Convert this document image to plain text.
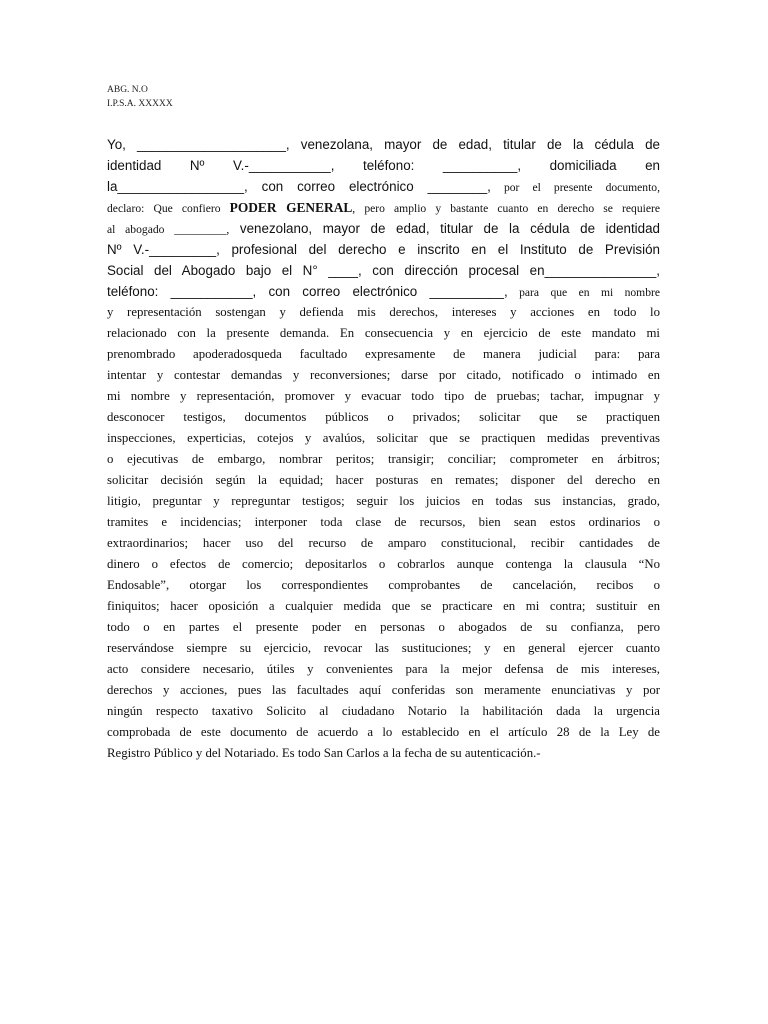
ABG. N.O
I.P.S.A. XXXXX
Yo, ____________________, venezolana, mayor de edad, titular de la cédula de
identidad Nº V.-___________, teléfono: __________, domiciliada en
la_________________, con correo electrónico ________, por el presente documento,
declaro: Que confiero PODER GENERAL, pero amplio y bastante cuanto en derecho se requiere
al abogado _________, venezolano, mayor de edad, titular de la cédula de identidad
Nº V.-_________, profesional del derecho e inscrito en el Instituto de Previsión
Social del Abogado bajo el N° ____, con dirección procesal en_______________,
teléfono: ___________, con correo electrónico __________, para que en mi nombre
y representación sostengan y defienda mis derechos, intereses y acciones en todo lo
relacionado con la presente demanda. En consecuencia y en ejercicio de este mandato mi
prenombrado apoderadosqueda facultado expresamente de manera judicial para: para
intentar y contestar demandas y reconversiones; darse por citado, notificado o intimado en
mi nombre y representación, promover y evacuar todo tipo de pruebas; tachar, impugnar y
desconocer testigos, documentos públicos o privados; solicitar que se practiquen
inspecciones, experticias, cotejos y avalúos, solicitar que se practiquen medidas preventivas
o ejecutivas de embargo, nombrar peritos; transigir; conciliar; comprometer en árbitros;
solicitar decisión según la equidad; hacer posturas en remates; disponer del derecho en
litigio, preguntar y repreguntar testigos; seguir los juicios en todas sus instancias, grado,
tramites e incidencias; interponer toda clase de recursos, bien sean estos ordinarios o
extraordinarios; hacer uso del recurso de amparo constitucional, recibir cantidades de
dinero o efectos de comercio; depositarlos o cobrarlos aunque contenga la clausula “No
Endosable”, otorgar los correspondientes comprobantes de cancelación, recibos o
finiquitos; hacer oposición a cualquier medida que se practicare en mi contra; sustituir en
todo o en partes el presente poder en personas o abogados de su confianza, pero
reservándose siempre su ejercicio, revocar las sustituciones; y en general ejercer cuanto
acto considere necesario, útiles y convenientes para la mejor defensa de mis intereses,
derechos y acciones, pues las facultades aquí conferidas son meramente enunciativas y por
ningún respecto taxativo Solicito al ciudadano Notario la habilitación dada la urgencia
comprobada de este documento de acuerdo a lo establecido en el artículo 28 de la Ley de
Registro Público y del Notariado. Es todo San Carlos a la fecha de su autenticación.-
